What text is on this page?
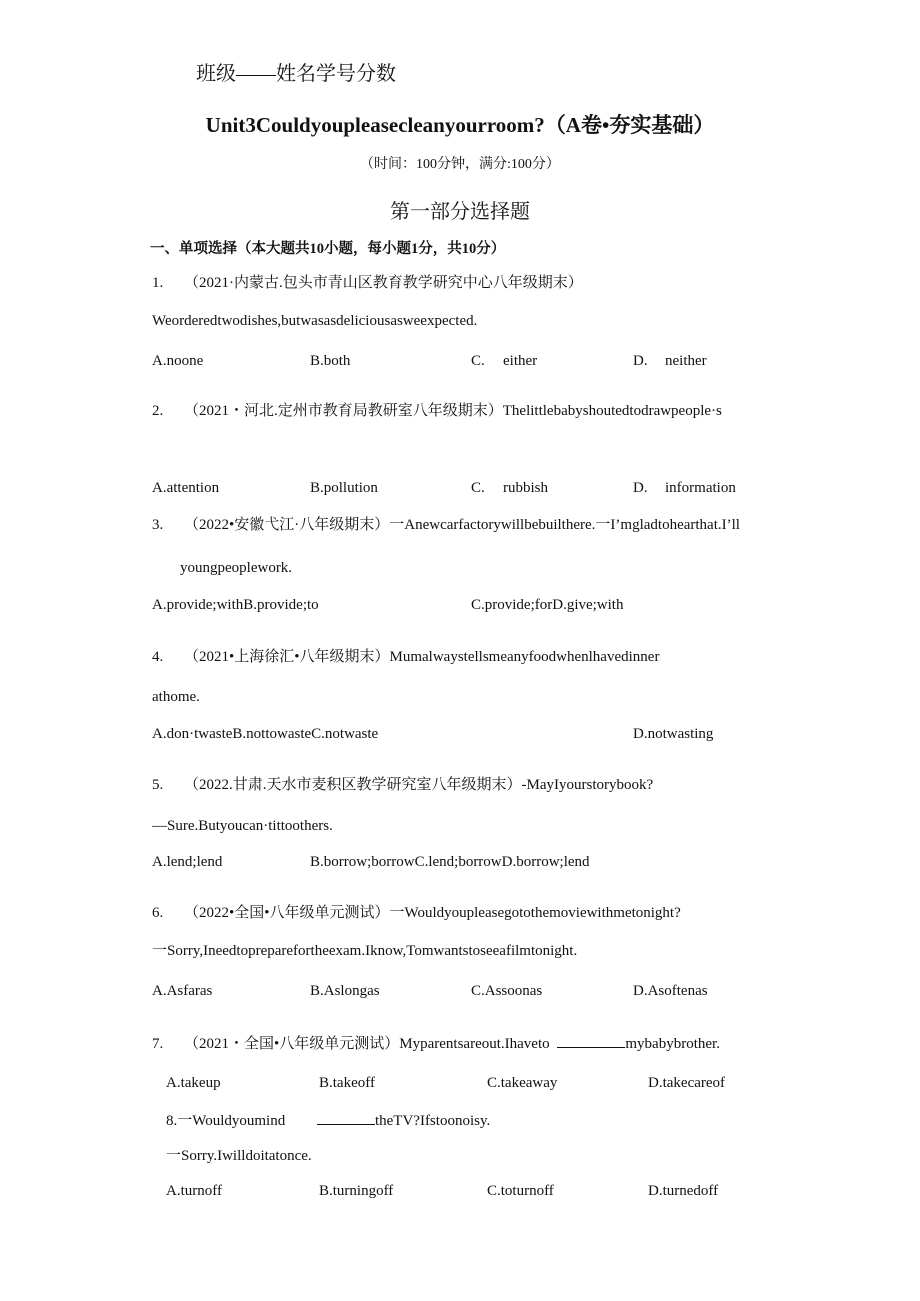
班级——姓名学号分数
Unit3Couldyoupleasecleanyourroom?（A卷•夯实基础）
（时间：100分钟，满分:100分）
第一部分选择题
一、单项选择（本大题共10小题，每小题1分，共10分）
1. （2021·内蒙古.包头市青山区教育教学研究中心八年级期末）
Weorderedtwodishes,butwasasdeliciousasweexpected.
A.noone	B.both	C. either	D. neither
2. （2021・河北.定州市教育局教研室八年级期末）Thelittlebabyshoutedtodrawpeople·s
A.attention	B.pollution	C. rubbish	D. information
3. （2022•安徽弋江·八年级期末）一Anewcarfactorywillbebuilthere.一I’mgladtohearthat.I’ll
youngpeoplework.
A.provide;withB.provide;to	C.provide;forD.give;with
4. （2021•上海徐汇•八年级期末）Mumalwaystellsmeanyfoodwhenlhavedinner
athome.
A.don·twasteB.nottowasteC.notwaste	D.notwasting
5. （2022.甘肃.天水市麦积区教学研究室八年级期末）-MayIyourstorybook?
—Sure.Butyoucan·tittoothers.
A.lend;lend	B.borrow;borrowC.lend;borrowD.borrow;lend
6. （2022•全国•八年级单元测试）一Wouldyoupleasegotothemoviewithmetonight?
一Sorry,Ineedtopreparefortheexam.Iknow,Tomwantstoseeafilmtonight.
A.Asfaras	B.Aslongas	C.Assoonas	D.Asoftenas
7. （2021・全国•八年级单元测试）Myparentsareout.Ihaveto	mybabybrother.
A.takeup	B.takeoff	C.takeaway	D.takecareof
8.一Wouldyoumind	theTV?Ifstoonoisy.
一Sorry.Iwilldoitatonce.
A.turnoff	B.turningoff	C.toturnoff	D.turnedoff
